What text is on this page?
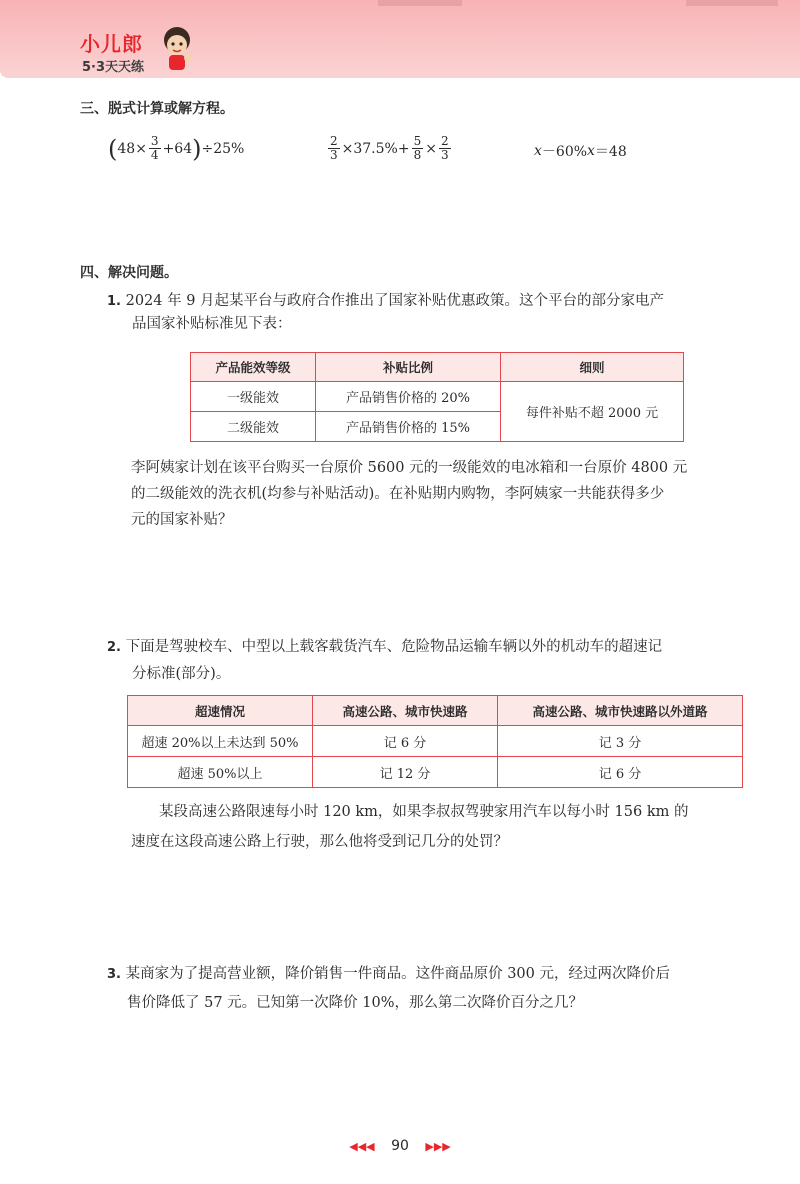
小儿郎
5·3天天练
三、脱式计算或解方程。
( $48\times \frac{3}{4} +64$ ) ÷25%	$\frac{2}{3} \times 37.5\%+ \frac{5}{8} \times \frac{2}{3}$	x －60% x ＝48
四、解决问题。
1. 2024 年 9 月起某平台与政府合作推出了国家补贴优惠政策。这个平台的部分家电产
品国家补贴标准见下表：
产品能效等级	补贴比例	细则
一级能效	产品销售价格的 20%	每件补贴不超 2000 元
二级能效	产品销售价格的 15%	
李阿姨家计划在该平台购买一台原价 5600 元的一级能效的电冰箱和一台原价 4800 元
的二级能效的洗衣机(均参与补贴活动)。在补贴期内购物，李阿姨家一共能获得多少
元的国家补贴？
2. 下面是驾驶校车、中型以上载客载货汽车、危险物品运输车辆以外的机动车的超速记
分标准(部分)。
超速情况	高速公路、城市快速路	高速公路、城市快速路以外道路
超速 20%以上未达到 50%	记 6 分	记 3 分
超速 50%以上	记 12 分	记 6 分
某段高速公路限速每小时 120 km，如果李叔叔驾驶家用汽车以每小时 156 km 的
速度在这段高速公路上行驶，那么他将受到记几分的处罚？
3. 某商家为了提高营业额，降价销售一件商品。这件商品原价 300 元，经过两次降价后
售价降低了 57 元。已知第一次降价 10%，那么第二次降价百分之几？
◀◀◀ 90 ▶▶▶
